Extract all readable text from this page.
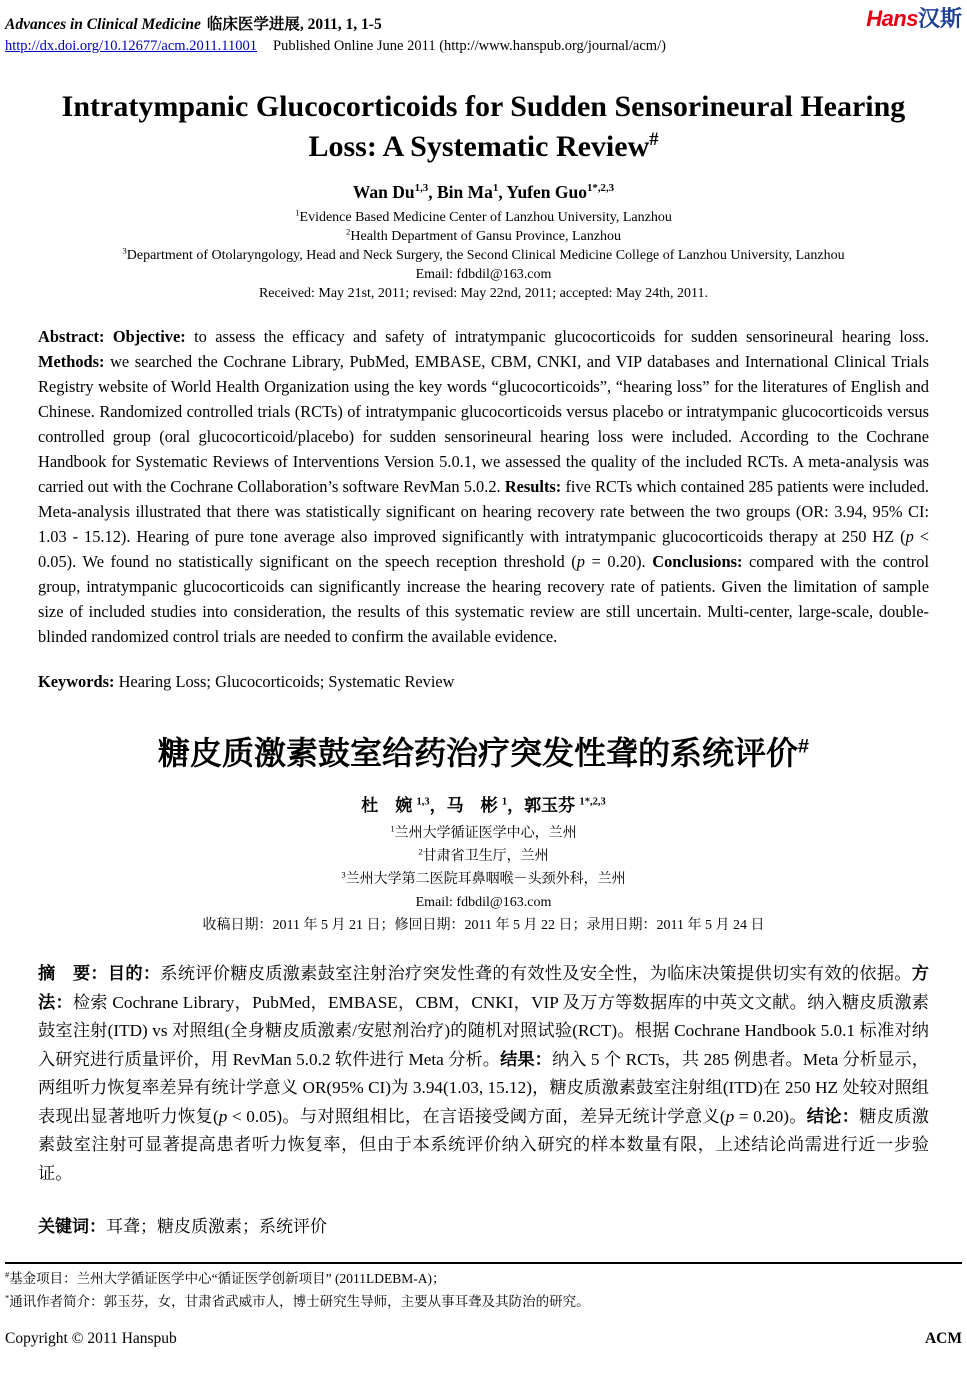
Advances in Clinical Medicine 临床医学进展, 2011, 1, 1-5	Hans汉斯
http://dx.doi.org/10.12677/acm.2011.11001 Published Online June 2011 (http://www.hanspub.org/journal/acm/)
Intratympanic Glucocorticoids for Sudden Sensorineural Hearing Loss: A Systematic Review#
Wan Du$^{1,3}$, Bin Ma$^1$, Yufen Guo$^{1*,2,3}$
$^1$Evidence Based Medicine Center of Lanzhou University, Lanzhou
$^2$Health Department of Gansu Province, Lanzhou
$^3$Department of Otolaryngology, Head and Neck Surgery, the Second Clinical Medicine College of Lanzhou University, Lanzhou
Email: fdbdil@163.com
Received: May 21st, 2011; revised: May 22nd, 2011; accepted: May 24th, 2011.
Abstract: Objective: to assess the efficacy and safety of intratympanic glucocorticoids for sudden sensorineural hearing loss. Methods: we searched the Cochrane Library, PubMed, EMBASE, CBM, CNKI, and VIP databases and International Clinical Trials Registry website of World Health Organization using the key words “glucocorticoids”, “hearing loss” for the literatures of English and Chinese. Randomized controlled trials (RCTs) of intratympanic glucocorticoids versus placebo or intratympanic glucocorticoids versus controlled group (oral glucocorticoid/placebo) for sudden sensorineural hearing loss were included. According to the Cochrane Handbook for Systematic Reviews of Interventions Version 5.0.1, we assessed the quality of the included RCTs. A meta-analysis was carried out with the Cochrane Collaboration’s software RevMan 5.0.2. Results: five RCTs which contained 285 patients were included. Meta-analysis illustrated that there was statistically significant on hearing recovery rate between the two groups (OR: 3.94, 95% CI: 1.03 - 15.12). Hearing of pure tone average also improved significantly with intratympanic glucocorticoids therapy at 250 HZ (p < 0.05). We found no statistically significant on the speech reception threshold (p = 0.20). Conclusions: compared with the control group, intratympanic glucocorticoids can significantly increase the hearing recovery rate of patients. Given the limitation of sample size of included studies into consideration, the results of this systematic review are still uncertain. Multi-center, large-scale, double-blinded randomized control trials are needed to confirm the available evidence.
Keywords: Hearing Loss; Glucocorticoids; Systematic Review
糖皮质激素鼓室给药治疗突发性聋的系统评价#
杜　婉 $^{1,3}$，马　彬 $^1$，郭玉芬 $^{1*,2,3}$
$^1$兰州大学循证医学中心，兰州
$^2$甘肃省卫生厅，兰州
$^3$兰州大学第二医院耳鼻咽喉－头颈外科，兰州
Email: fdbdil@163.com
收稿日期：2011 年 5 月 21 日；修回日期：2011 年 5 月 22 日；录用日期：2011 年 5 月 24 日
摘　要：目的：系统评价糖皮质激素鼓室注射治疗突发性聋的有效性及安全性，为临床决策提供切实有效的依据。方法：检索 Cochrane Library，PubMed，EMBASE，CBM，CNKI，VIP 及万方等数据库的中英文文献。纳入糖皮质激素鼓室注射(ITD) vs 对照组(全身糖皮质激素/安慰剂治疗)的随机对照试验(RCT)。根据 Cochrane Handbook 5.0.1 标准对纳入研究进行质量评价，用 RevMan 5.0.2 软件进行 Meta 分析。结果：纳入 5 个 RCTs，共 285 例患者。Meta 分析显示，两组听力恢复率差异有统计学意义 OR(95% CI)为 3.94(1.03, 15.12)，糖皮质激素鼓室注射组(ITD)在 250 HZ 处较对照组表现出显著地听力恢复(p < 0.05)。与对照组相比，在言语接受阈方面，差异无统计学意义(p = 0.20)。结论：糖皮质激素鼓室注射可显著提高患者听力恢复率，但由于本系统评价纳入研究的样本数量有限，上述结论尚需进行近一步验证。
关键词：耳聋；糖皮质激素；系统评价
#基金项目：兰州大学循证医学中心“循证医学创新项目” (2011LDEBM-A)；
*通讯作者简介：郭玉芬，女，甘肃省武威市人，博士研究生导师，主要从事耳聋及其防治的研究。
Copyright © 2011 Hanspub	ACM
